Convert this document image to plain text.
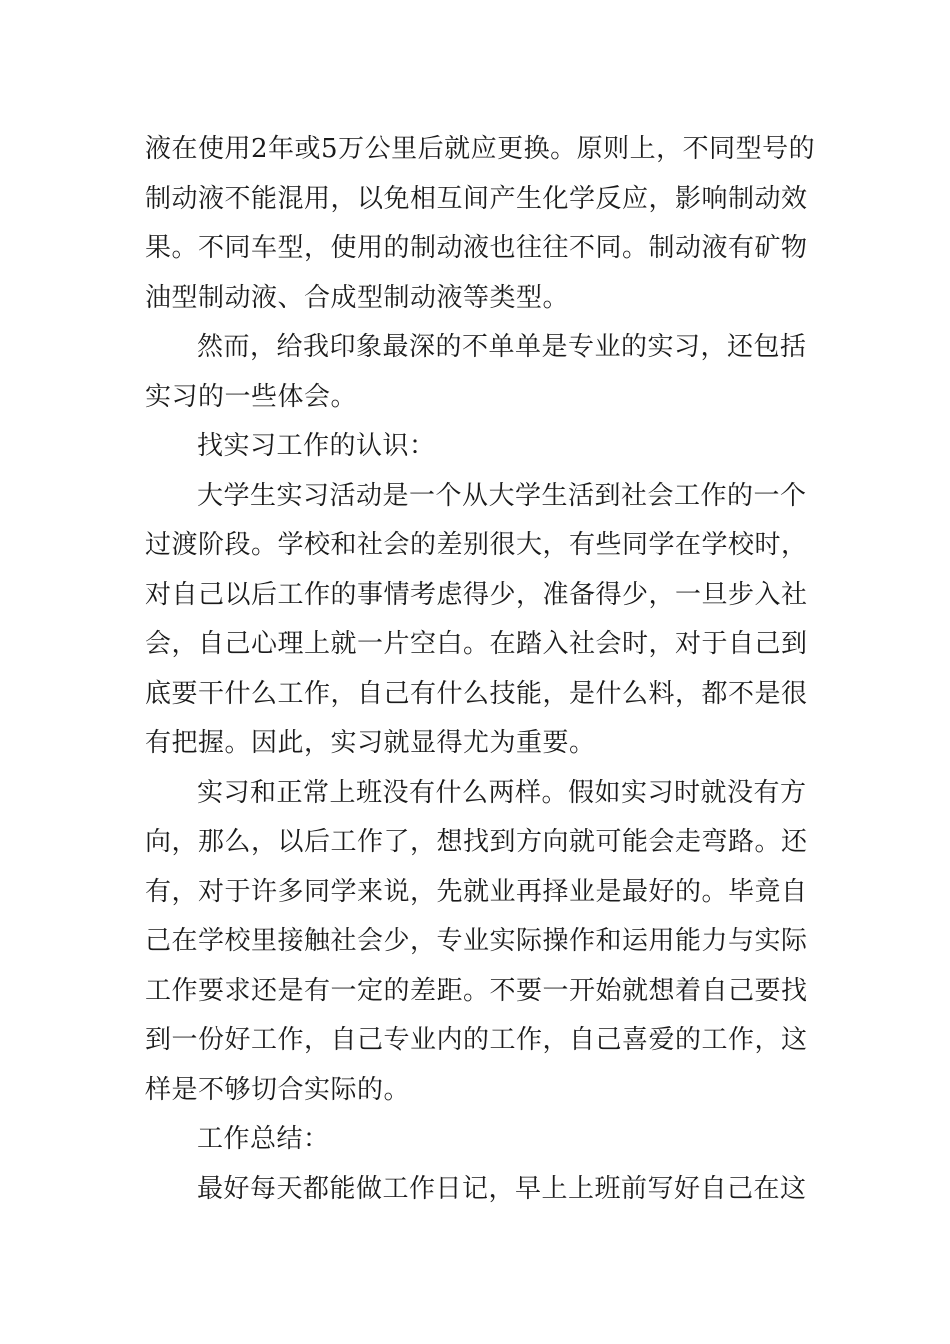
液在使用2年或5万公里后就应更换。原则上，不同型号的
制动液不能混用，以免相互间产生化学反应，影响制动效
果。不同车型，使用的制动液也往往不同。制动液有矿物
油型制动液、合成型制动液等类型。
然而，给我印象最深的不单单是专业的实习，还包括
实习的一些体会。
找实习工作的认识：
大学生实习活动是一个从大学生活到社会工作的一个
过渡阶段。学校和社会的差别很大，有些同学在学校时，
对自己以后工作的事情考虑得少，准备得少，一旦步入社
会，自己心理上就一片空白。在踏入社会时，对于自己到
底要干什么工作，自己有什么技能，是什么料，都不是很
有把握。因此，实习就显得尤为重要。
实习和正常上班没有什么两样。假如实习时就没有方
向，那么，以后工作了，想找到方向就可能会走弯路。还
有，对于许多同学来说，先就业再择业是最好的。毕竟自
己在学校里接触社会少，专业实际操作和运用能力与实际
工作要求还是有一定的差距。不要一开始就想着自己要找
到一份好工作，自己专业内的工作，自己喜爱的工作，这
样是不够切合实际的。
工作总结：
最好每天都能做工作日记，早上上班前写好自己在这
